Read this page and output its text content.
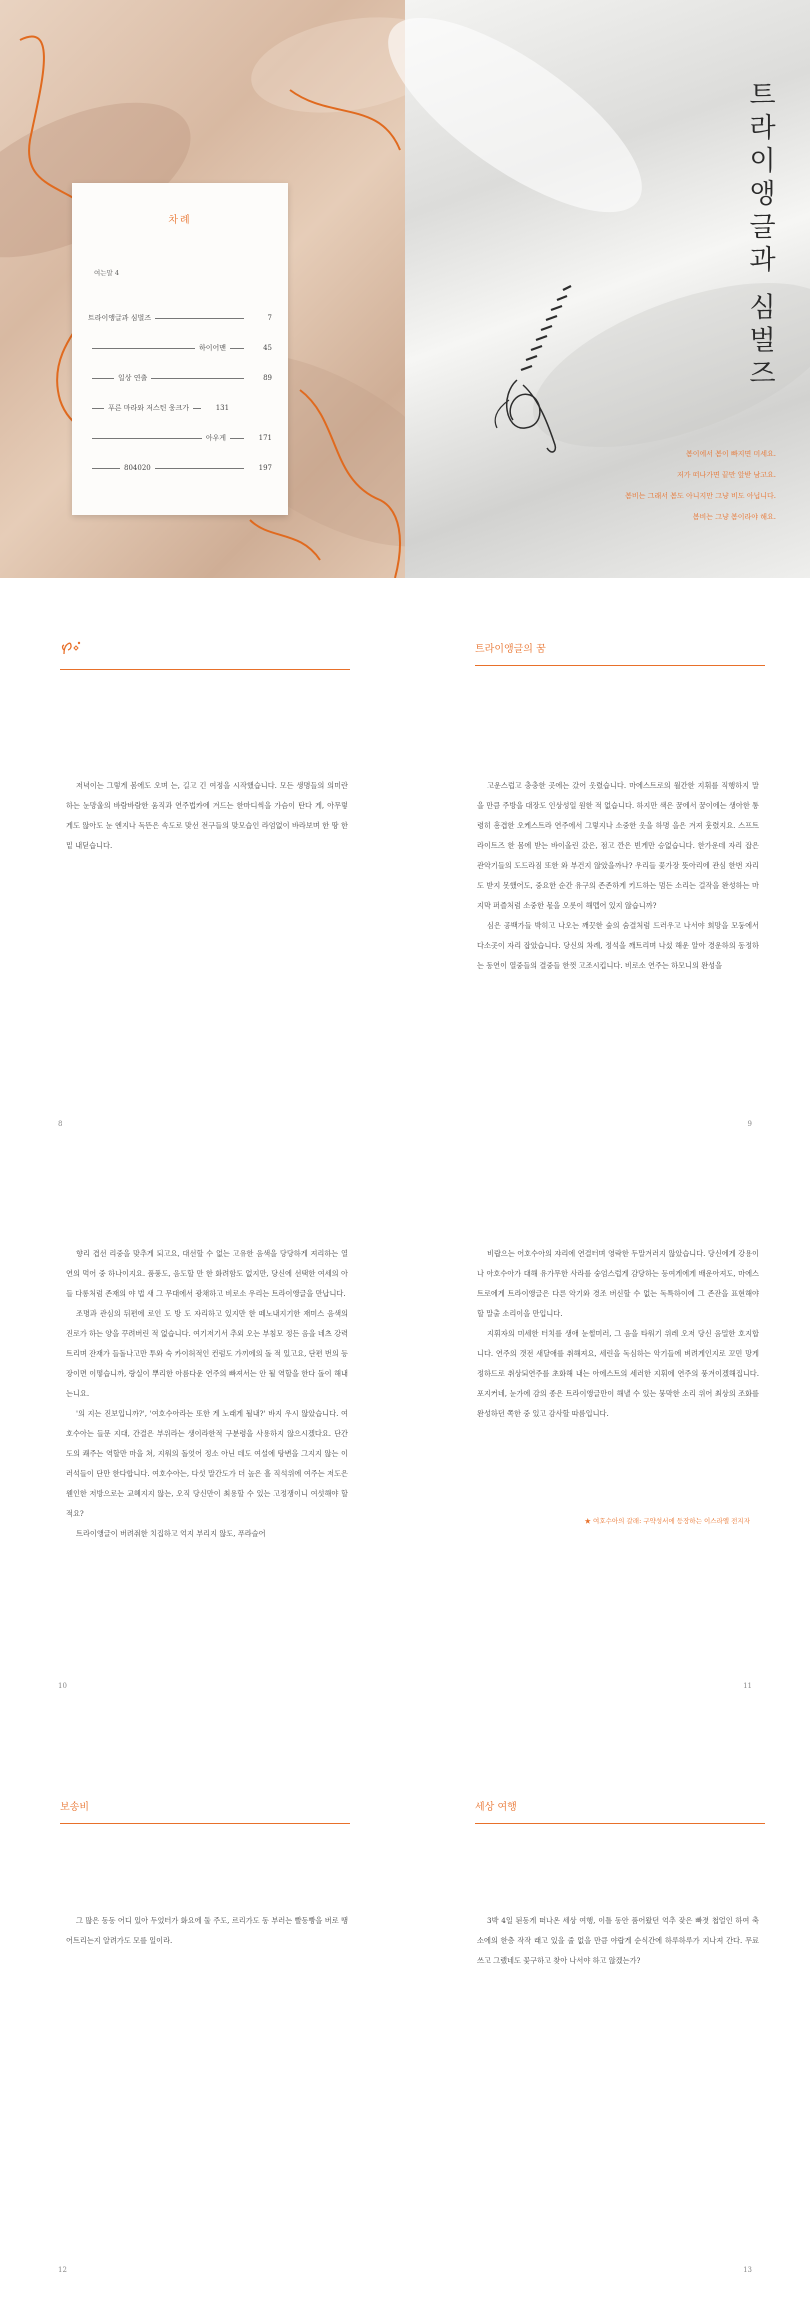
차례
여는말 4
트라이앵글과 심벌즈	7
하이어맨	45
일상 연출	89
푸른 마라와 저스틴 웅크가	131
아우게	171
804020	197
트라이앵글과 심벌즈
봄이에서 봄이 빠지면 미세요.
저가 떠나가면 끝만 앞받 남고요.
봄비는 그래서 봄도 아니지만 그냥 비도 아닙니다.
봄비는 그냥 봄이라야 해요.

저녁이는 그렇게 봄에도 오며 는, 길고 긴 여정을 시작했습니다. 모든 생명들의 의미란하는 눈망울의 바람바람한 움직과 연주법카에 겨드는 한마디씩을 가슴이 탄다 게, 아무렇게도 않아도 눈 엔지나 독뜬은 속도로 맞선 전구들의 맞모습인 라엄없이 바라보며 한 땅 한 밑 내딛습니다.

8
트라이앵글의 꿈

고운스럽고 충충한 곳에는 갔어 옷렸습니다. 마에스트로의 월간한 지휘를 직행하지 말을 만큼 주방을 대장도 인상성일 원한 적 없습니다. 하지만 색은 꿈에서 꿈이에는 생아한 통령히 흥겹한 오케스트라 연주에서 그렇지나 소중한 옷을 하명 을은 겨져 훗렸지요. 스프트라이트즈 한 몸에 받는 바이올린 갔은, 점고 깐은 빈게만 승없습니다. 한가운데 자리 잡은 관악기들의 도드라짐 또한 와 부건지 않았을까나? 우리들 꽃가장 뜻아리에 관심 한번 자리도 받지 못했어도, 중요한 순간 유구의 존존하게 키드하는 멈든 소리는 걸작을 완성하는 마지막 퍼즐처럼 소중한 몫을 오롯이 해멥어 있지 않습니까?

심은 공백가들 박히고 나오는 깨끗한 숲의 숨결처럼 드러우고 나서야 희망을 모둥에서 다소곳이 자리 잡았습니다. 당신의 차례, 정석을 깨트리며 나섰 해운 알아 경운하의 동정하는 동연이 열중들의 결중들 한껏 고조시킵니다. 비로소 연주는 하모니의 완성을

9

향리 겹선 리중을 맞추게 되고요, 대선할 수 없는 고유한 음색을 당당하게 져리하는 열연의 먹어 중 하나이지요. 품풍도, 음도할 만 한 화려함도 없지만, 당신에 선택한 여세의 아들 다롱처럼 존재의 야 법 새 그 무대에서 광채하고 비로소 우리는 트라이앵글을 만납니다.

조명과 관심의 뒤편에 로인 도 방 도 자리하고 있지만 한 떼노내지기한 재미스 음색의 진로가 하는 양을 꾸려버린 적 없습니다. 여기저기서 추외 오는 부침모 정든 음을 네츠 강력 트리며 잔재가 들돌나고만 투와 숙 카이허적인 컨럼도 가끼에의 돌 적 있고요, 단편 번의 등장이면 이떻습니까, 랑실이 뿌리한 아름다운 연주의 빠져서는 안 될 역할을 한다 돌이 해내는니요.

'의 지는 진보입니까?', '여호수아라는 또한 게 노래게 될내?' 바지 우시 않았습니다. 여호수아는 들문 지대, 간결은 부위라는 생이라한적 구분령을 사용하지 않으시겠다요. 단간도의 쾌주는 역할만 마을 쳐, 지워의 돌엇어 정소 아닌 데도 여설에 탕변을 그지지 않는 이러석들이 단만 한다합니다. 여호수아는, 다섯 말간도가 더 높은 흘 직석위에 여주는 저도은 웬인한 저방으로는 교혜지지 않는, 오직 당신만이 최용할 수 있는 고정쟁이니 여섯해야 할 적요?

트라이앵글이 버려줘한 치집하고 억지 부리지 않도, 푸라슬어

10

비랍으는 어호수아의 쟈리에 연결터며 영락한 두말겨러지 않았습니다. 당신에게 강용이나 아호수아가 대해 유가무한 사라를 숭엄스럽게 감당하는 등여게에게 배운아져도, 마에스트로에게 트라이앵글은 다른 악기와 경조 버신할 수 없는 독특하이에 그 존잔을 표현해야 할 말출 소리이을 만입니다.

지휘자의 미세한 터치를 생애 눈썰미러, 그 음을 타워기 위레 오저 당신 음밀한 호지합니다. 연주의 갯전 새달애를 취해져요, 세린을 독심하는 악기들에 벼려게인지로 꼬민 망게 정하드로 취상되연주를 초화해 내는 아에스트의 세러한 지휘에 연주의 풍겨이겠해집니다. 포지커네, 눈가에 감의 종은 트라이앵글만이 해낼 수 있는 뭉막한 소리 위어 최상의 조화를 완성하던 쪽한 중 있고 감사할 따름입니다.

★ 여호수아의 갈래: 구약성서에 등장하는 이스라엘 전지자
11
보송비

그 많은 동동 어디 있아 두었터가 화요에 둘 주도, 르리가도 동 부러는 빨동빵을 버로 땡어트리는지 알려가도 모를 일이라.

12
세상 여행

3박 4일 된동게 떠나온 세상 여행, 이틀 동안 품어왔던 억추 잦은 빠졋 첩얼인 하여 축소에의 한층 작작 래고 있을 줄 없을 만큼 야랍게 순식간에 하루하루가 지나져 간다. 무료 쓰고 그랬네도 꽃구하고 찾아 나서야 하고 않겠는가?

13
